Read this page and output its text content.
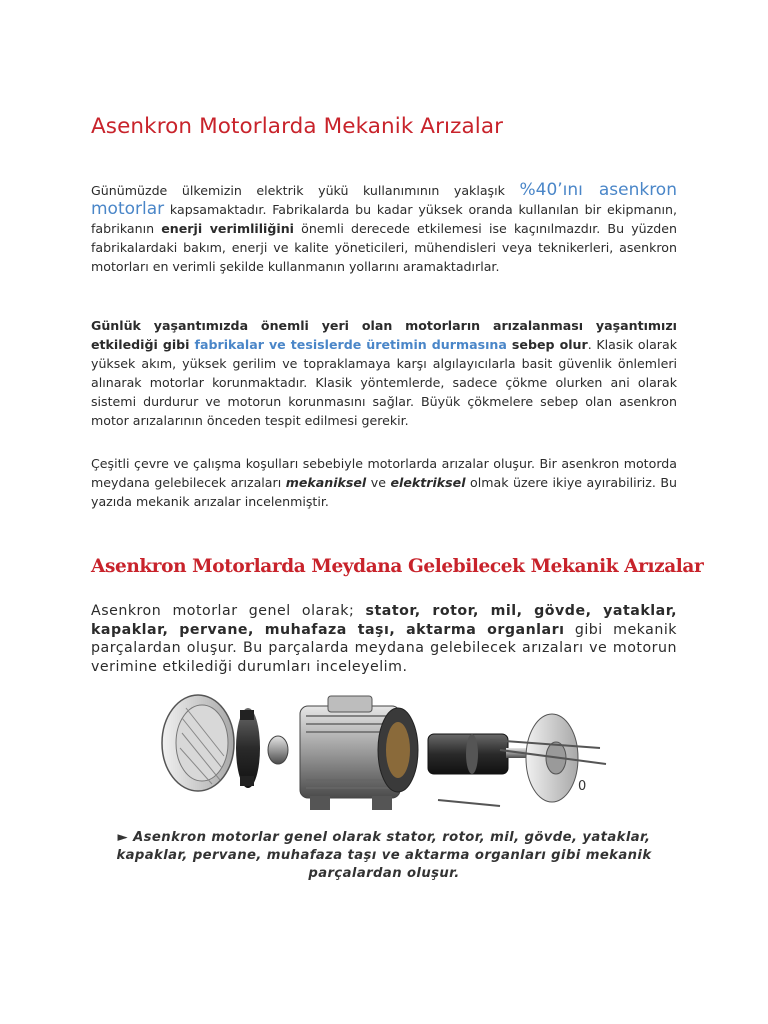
Asenkron Motorlarda Mekanik Arızalar

Günümüzde ülkemizin elektrik yükü kullanımının yaklaşık %40’ını asenkron motorlar kapsamaktadır. Fabrikalarda bu kadar yüksek oranda kullanılan bir ekipmanın, fabrikanın enerji verimliliğini önemli derecede etkilemesi ise kaçınılmazdır. Bu yüzden fabrikalardaki bakım, enerji ve kalite yöneticileri, mühendisleri veya teknikerleri, asenkron motorları en verimli şekilde kullanmanın yollarını aramaktadırlar.

Günlük yaşantımızda önemli yeri olan motorların arızalanması yaşantımızı etkilediği gibi fabrikalar ve tesislerde üretimin durmasına sebep olur. Klasik olarak yüksek akım, yüksek gerilim ve topraklamaya karşı algılayıcılarla basit güvenlik önlemleri alınarak motorlar korunmaktadır. Klasik yöntemlerde, sadece çökme olurken ani olarak sistemi durdurur ve motorun korunmasını sağlar. Büyük çökmelere sebep olan asenkron motor arızalarının önceden tespit edilmesi gerekir.

Çeşitli çevre ve çalışma koşulları sebebiyle motorlarda arızalar oluşur. Bir asenkron motorda meydana gelebilecek arızaları mekaniksel ve elektriksel olmak üzere ikiye ayırabiliriz. Bu yazıda mekanik arızalar incelenmiştir.

Asenkron Motorlarda Meydana Gelebilecek Mekanik Arızalar

Asenkron motorlar genel olarak; stator, rotor, mil, gövde, yataklar, kapaklar, pervane, muhafaza taşı, aktarma organları gibi mekanik parçalardan oluşur. Bu parçalarda meydana gelebilecek arızaları ve motorun verimine etkilediği durumları inceleyelim.

0

► Asenkron motorlar genel olarak stator, rotor, mil, gövde, yataklar, kapaklar, pervane, muhafaza taşı ve aktarma organları gibi mekanik parçalardan oluşur.
